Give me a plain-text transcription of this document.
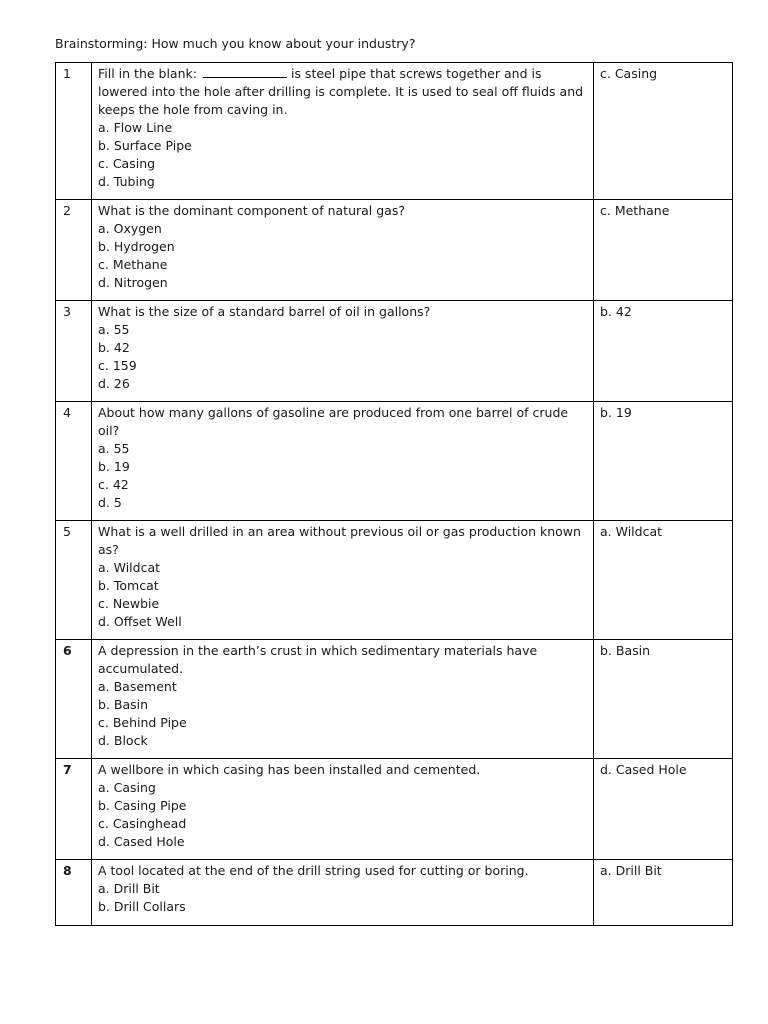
Brainstorming: How much you know about your industry?
1	Fill in the blank: is steel pipe that screws together and is lowered into the hole after drilling is complete. It is used to seal off fluids and keeps the hole from caving in.
a. Flow Line
b. Surface Pipe
c. Casing
d. Tubing	c. Casing
2	What is the dominant component of natural gas?
a. Oxygen
b. Hydrogen
c. Methane
d. Nitrogen	c. Methane
3	What is the size of a standard barrel of oil in gallons?
a. 55
b. 42
c. 159
d. 26	b. 42
4	About how many gallons of gasoline are produced from one barrel of crude oil?
a. 55
b. 19
c. 42
d. 5	b. 19
5	What is a well drilled in an area without previous oil or gas production known as?
a. Wildcat
b. Tomcat
c. Newbie
d. Offset Well	a. Wildcat
6	A depression in the earth’s crust in which sedimentary materials have accumulated.
a. Basement
b. Basin
c. Behind Pipe
d. Block	b. Basin
7	A wellbore in which casing has been installed and cemented.
a. Casing
b. Casing Pipe
c. Casinghead
d. Cased Hole	d. Cased Hole
8	A tool located at the end of the drill string used for cutting or boring.
a. Drill Bit
b. Drill Collars	a. Drill Bit
